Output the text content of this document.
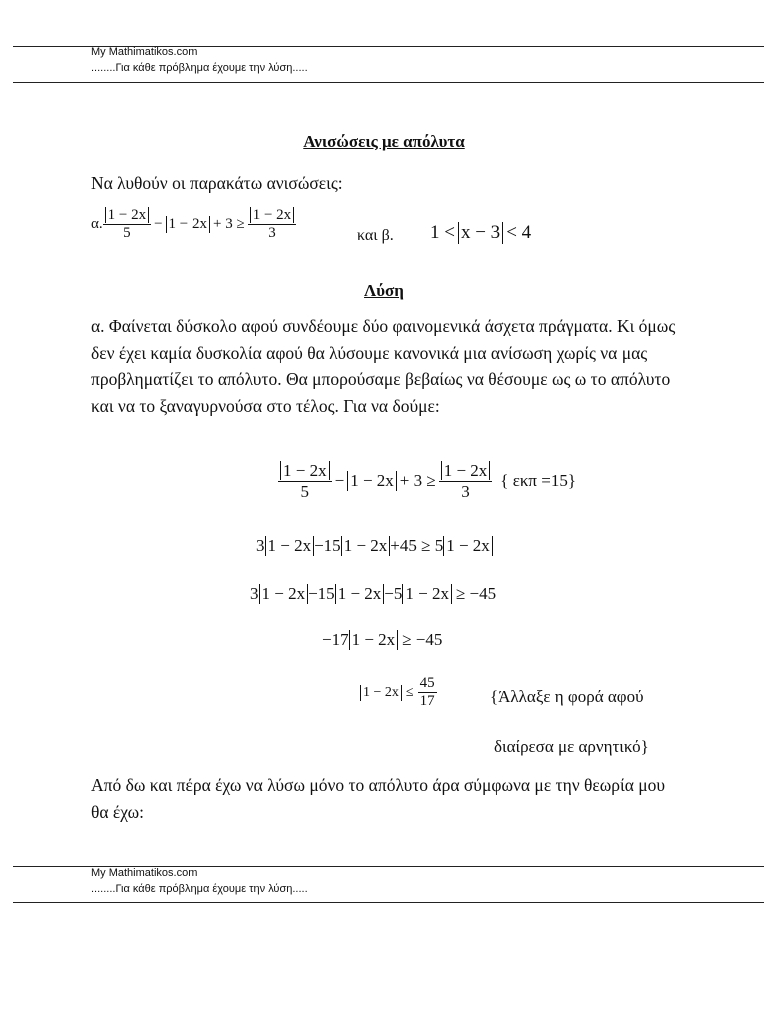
My Mathimatikos.com
........Για κάθε πρόβλημα έχουμε την λύση.....
Ανισώσεις με απόλυτα
Να λυθούν οι παρακάτω ανισώσεις:
α. $\frac{1 - 2x}{5} - 1 - 2x + 3 \ge \frac{1 - 2x}{3}$	και β. 1 < x − 3 < 4
Λύση
α. Φαίνεται δύσκολο αφού συνδέουμε δύο φαινομενικά άσχετα πράγματα. Κι όμως δεν έχει καμία δυσκολία αφού θα λύσουμε κανονικά μια ανίσωση χωρίς να μας προβληματίζει το απόλυτο. Θα μπορούσαμε βεβαίως να θέσουμε ως ω το απόλυτο και να το ξαναγυρνούσα στο τέλος. Για να δούμε:
$\frac{1 - 2x}{5} - 1 - 2x + 3 \ge \frac{1 - 2x}{3}$ { εκπ =15}
3 1 − 2x −15 1 − 2x +45 ≥ 5 1 − 2x
3 1 − 2x −15 1 − 2x −5 1 − 2x ≥ −45
−17 1 − 2x ≥ −45
$1 - 2x \le \frac{45}{17}$	{Άλλαξε η φορά αφού
διαίρεσα με αρνητικό}
Από δω και πέρα έχω να λύσω μόνο το απόλυτο άρα σύμφωνα με την θεωρία μου θα έχω:
My Mathimatikos.com
........Για κάθε πρόβλημα έχουμε την λύση.....
